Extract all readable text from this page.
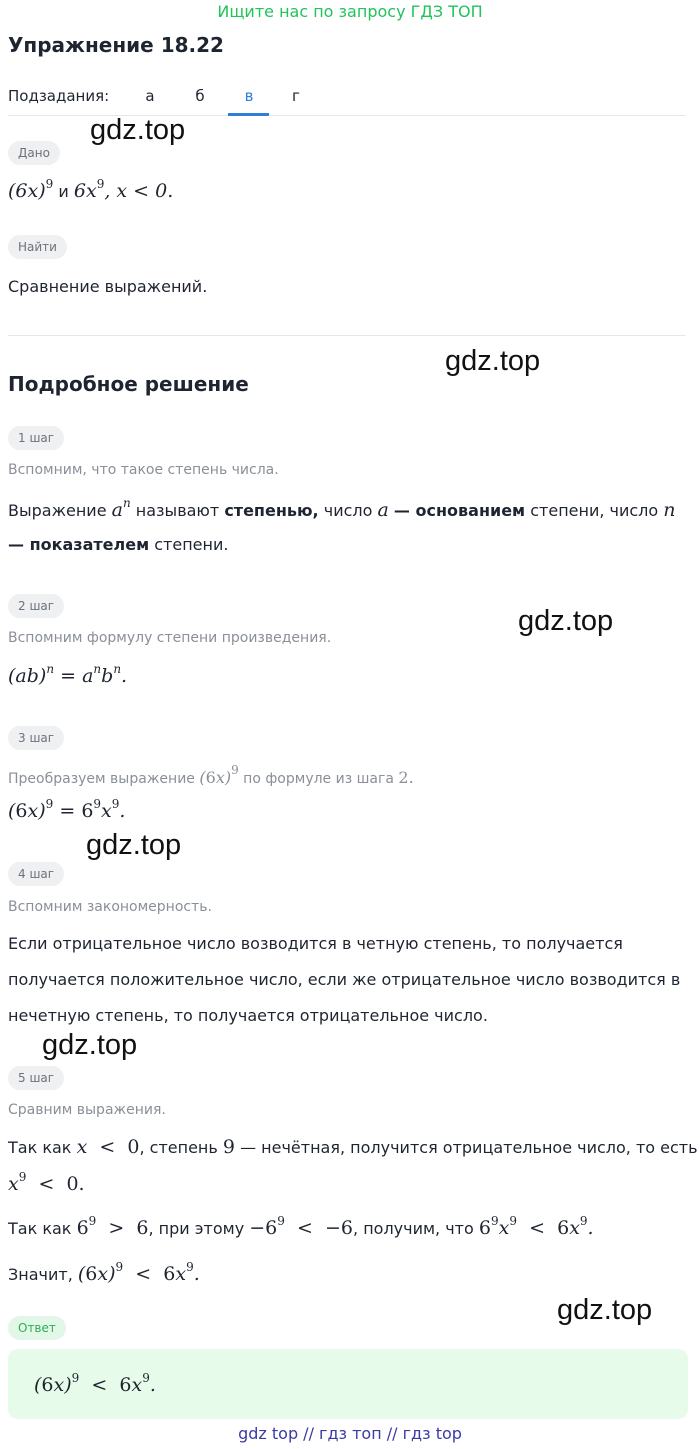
Ищите нас по запросу ГДЗ ТОП
Упражнение 18.22
Подзадания:	а	б	в	г
gdz.top
gdz.top
gdz.top
gdz.top
gdz.top
gdz.top
Дано
$(6x)^9$ и $6x^9$, x < 0.
Найти
Сравнение выражений.
Подробное решение
1 шаг
Вспомним, что такое степень числа.
Выражение $a^n$ называют степенью, число a — основанием степени, число n
— показателем степени.
2 шаг
Вспомним формулу степени произведения.
$(ab)^n = a^nb^n$.
3 шаг
Преобразуем выражение $(6x)^9$ по формуле из шага 2.
$(6x)^9 = 6^9x^9$.
4 шаг
Вспомним закономерность.
Если отрицательное число возводится в четную степень, то получается
получается положительное число, если же отрицательное число возводится в
нечетную степень, то получается отрицательное число.
5 шаг
Сравним выражения.
Так как x  < 0, степень 9 — нечётная, получится отрицательное число, то есть
$x^9 < 0$.
Так как $6^9 > 6$, при этому $-6^9 < -6$, получим, что $6^9x^9 < 6x^9$.
Значит, $(6x)^9 < 6x^9$.
Ответ
$(6x)^9 < 6x^9$.
gdz top // гдз топ // гдз top
